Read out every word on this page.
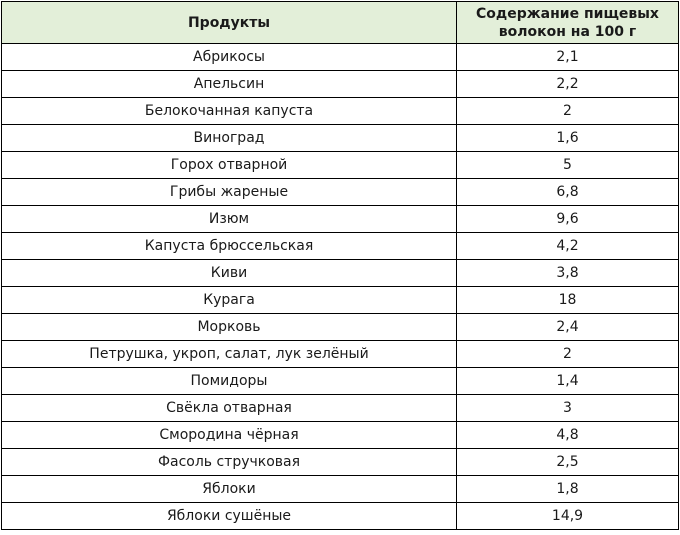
Продукты	Содержание пищевых волокон на 100 г
Абрикосы	2,1
Апельсин	2,2
Белокочанная капуста	2
Виноград	1,6
Горох отварной	5
Грибы жареные	6,8
Изюм	9,6
Капуста брюссельская	4,2
Киви	3,8
Курага	18
Морковь	2,4
Петрушка, укроп, салат, лук зелёный	2
Помидоры	1,4
Свёкла отварная	3
Смородина чёрная	4,8
Фасоль стручковая	2,5
Яблоки	1,8
Яблоки сушёные	14,9
